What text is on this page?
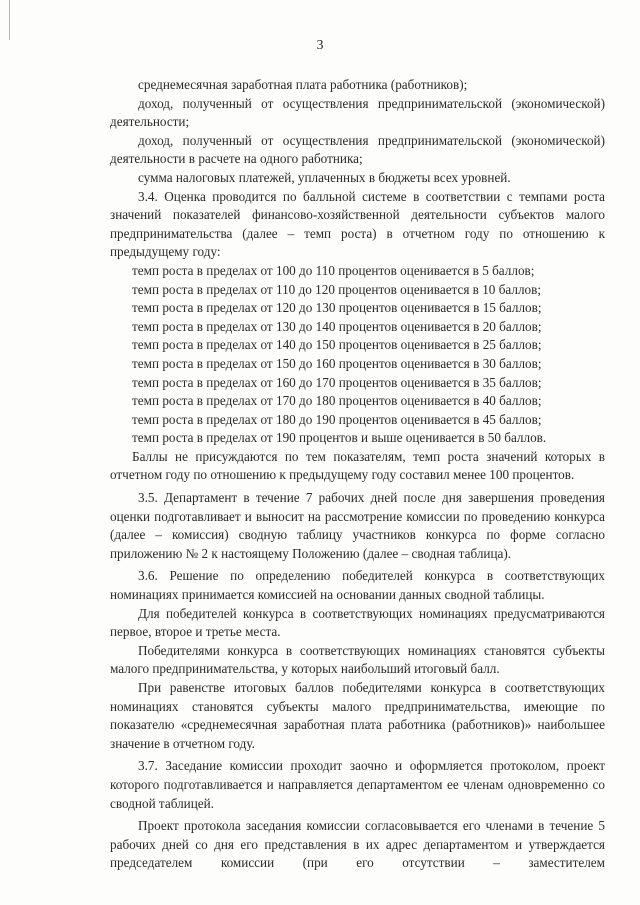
3

среднемесячная заработная плата работника (работников);

доход, полученный от осуществления предпринимательской (экономической) деятельности;

доход, полученный от осуществления предпринимательской (экономической) деятельности в расчете на одного работника;

сумма налоговых платежей, уплаченных в бюджеты всех уровней.

3.4. Оценка проводится по балльной системе в соответствии с темпами роста значений показателей финансово-хозяйственной деятельности субъектов малого предпринимательства (далее – темп роста) в отчетном году по отношению к предыдущему году:

темп роста в пределах от 100 до 110 процентов оценивается в 5 баллов;

темп роста в пределах от 110 до 120 процентов оценивается в 10 баллов;

темп роста в пределах от 120 до 130 процентов оценивается в 15 баллов;

темп роста в пределах от 130 до 140 процентов оценивается в 20 баллов;

темп роста в пределах от 140 до 150 процентов оценивается в 25 баллов;

темп роста в пределах от 150 до 160 процентов оценивается в 30 баллов;

темп роста в пределах от 160 до 170 процентов оценивается в 35 баллов;

темп роста в пределах от 170 до 180 процентов оценивается в 40 баллов;

темп роста в пределах от 180 до 190 процентов оценивается в 45 баллов;

темп роста в пределах от 190 процентов и выше оценивается в 50 баллов.

Баллы не присуждаются по тем показателям, темп роста значений которых в отчетном году по отношению к предыдущему году составил менее 100 процентов.

3.5. Департамент в течение 7 рабочих дней после дня завершения проведения оценки подготавливает и выносит на рассмотрение комиссии по проведению конкурса (далее – комиссия) сводную таблицу участников конкурса по форме согласно приложению № 2 к настоящему Положению (далее – сводная таблица).

3.6. Решение по определению победителей конкурса в соответствующих номинациях принимается комиссией на основании данных сводной таблицы.

Для победителей конкурса в соответствующих номинациях предусматриваются первое, второе и третье места.

Победителями конкурса в соответствующих номинациях становятся субъекты малого предпринимательства, у которых наибольший итоговый балл.

При равенстве итоговых баллов победителями конкурса в соответствующих номинациях становятся субъекты малого предпринимательства, имеющие по показателю «среднемесячная заработная плата работника (работников)» наибольшее значение в отчетном году.

3.7. Заседание комиссии проходит заочно и оформляется протоколом, проект которого подготавливается и направляется департаментом ее членам одновременно со сводной таблицей.

Проект протокола заседания комиссии согласовывается его членами в течение 5 рабочих дней со дня его представления в их адрес департаментом и утверждается председателем комиссии (при его отсутствии – заместителем
